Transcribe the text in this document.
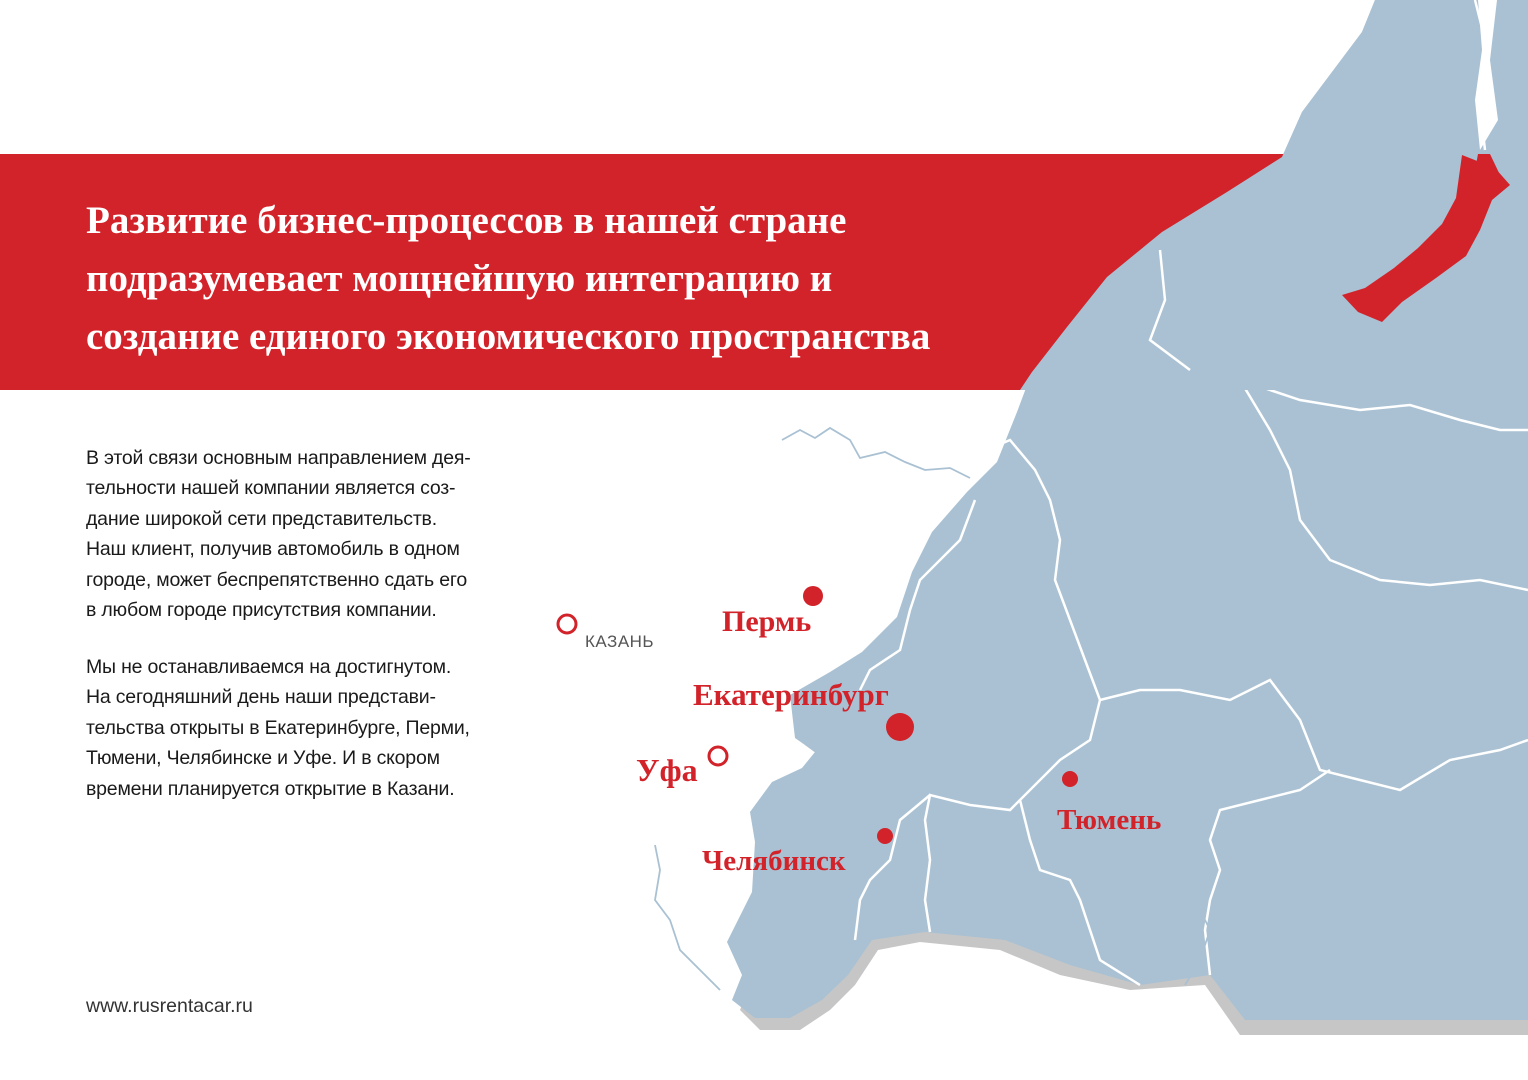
Развитие бизнес-процессов в нашей стране
подразумевает мощнейшую интеграцию и
создание единого экономического пространства
В этой связи основным направлением дея-
тельности нашей компании является соз-
дание широкой сети представительств.
Наш клиент, получив автомобиль в одном
городе, может беспрепятственно сдать его
в любом городе присутствия компании.
Мы не останавливаемся на достигнутом.
На сегодняшний день наши представи-
тельства открыты в Екатеринбурге, Перми,
Тюмени, Челябинске и Уфе. И в скором
времени планируется открытие в Казани.
www.rusrentacar.ru
Пермь
Екатеринбург
Уфа
Челябинск
Тюмень
КАЗАНЬ
